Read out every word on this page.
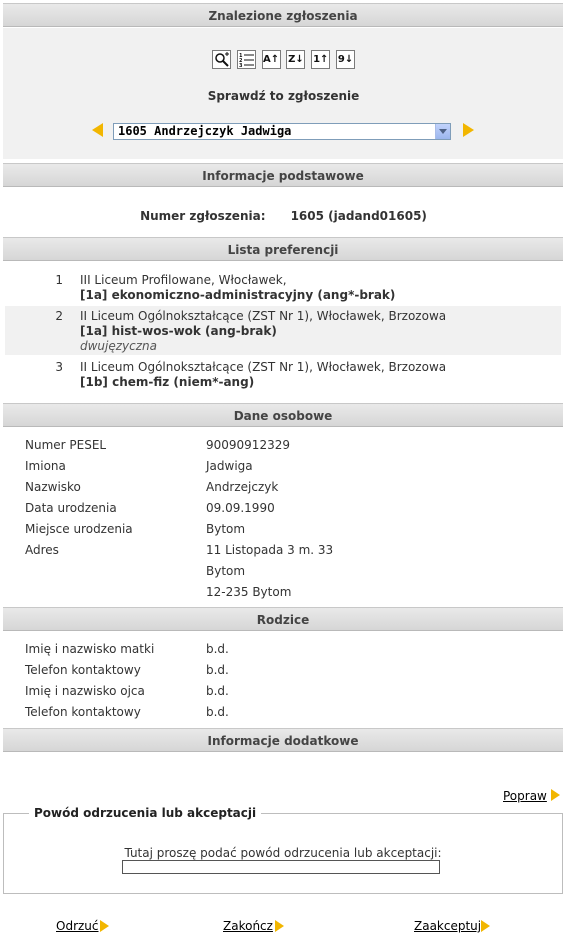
Znalezione zgłoszenia

1
2
3
A↑ Z↓ 1↑ 9↓
Sprawdź to zgłoszenie
1605 Andrzejczyk Jadwiga
Informacje podstawowe
Numer zgłoszenia: 1605 (jadand01605)
Lista preferencji
1 III Liceum Profilowane, Włocławek,
[1a] ekonomiczno-administracyjny (ang*-brak)
2 II Liceum Ogólnokształcące (ZST Nr 1), Włocławek, Brzozowa
[1a] hist-wos-wok (ang-brak)
dwujęzyczna
3 II Liceum Ogólnokształcące (ZST Nr 1), Włocławek, Brzozowa
[1b] chem-fiz (niem*-ang)
Dane osobowe
Numer PESEL	90090912329
Imiona	Jadwiga
Nazwisko	Andrzejczyk
Data urodzenia	09.09.1990
Miejsce urodzenia	Bytom
Adres	11 Listopada 3 m. 33
Bytom
12-235 Bytom
Rodzice
Imię i nazwisko matki	b.d.
Telefon kontaktowy	b.d.
Imię i nazwisko ojca	b.d.
Telefon kontaktowy	b.d.
Informacje dodatkowe
Popraw
Powód odrzucenia lub akceptacji
Tutaj proszę podać powód odrzucenia lub akceptacji:
Odrzuć	Zakończ	Zaakceptuj
